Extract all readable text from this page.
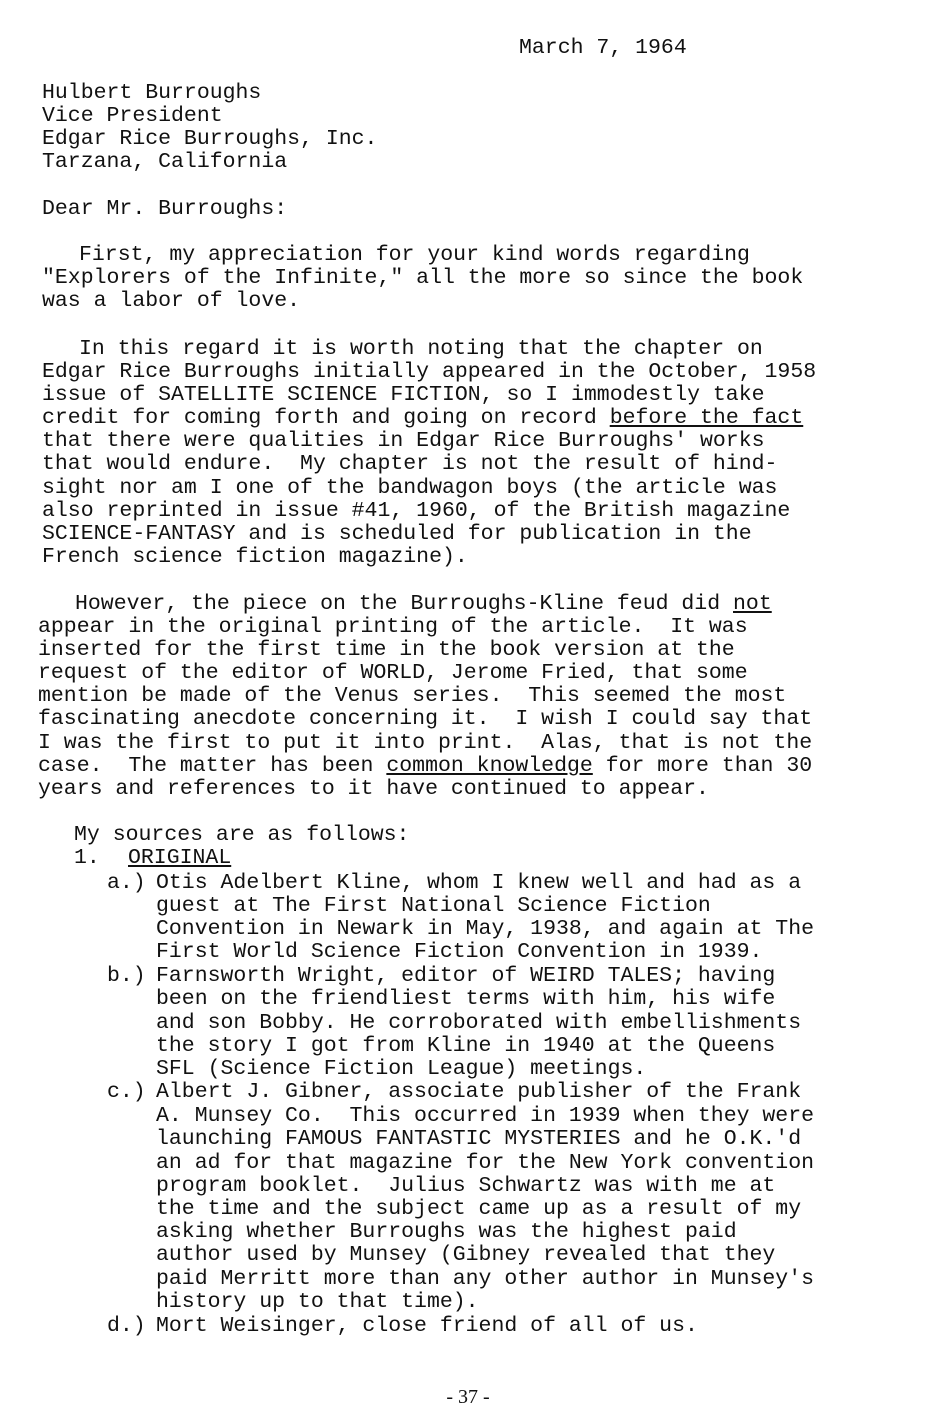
March 7, 1964
Hulbert Burroughs
Vice President
Edgar Rice Burroughs, Inc.
Tarzana, California
Dear Mr. Burroughs:
First, my appreciation for your kind words regarding
"Explorers of the Infinite," all the more so since the book
was a labor of love.
In this regard it is worth noting that the chapter on
Edgar Rice Burroughs initially appeared in the October, 1958
issue of SATELLITE SCIENCE FICTION, so I immodestly take
credit for coming forth and going on record before the fact
that there were qualities in Edgar Rice Burroughs' works
that would endure.  My chapter is not the result of hind-
sight nor am I one of the bandwagon boys (the article was
also reprinted in issue #41, 1960, of the British magazine
SCIENCE-FANTASY and is scheduled for publication in the
French science fiction magazine).
However, the piece on the Burroughs-Kline feud did not
appear in the original printing of the article.  It was
inserted for the first time in the book version at the
request of the editor of WORLD, Jerome Fried, that some
mention be made of the Venus series.  This seemed the most
fascinating anecdote concerning it.  I wish I could say that
I was the first to put it into print.  Alas, that is not the
case.  The matter has been common knowledge for more than 30
years and references to it have continued to appear.
My sources are as follows:
1. ORIGINAL
a.) Otis Adelbert Kline, whom I knew well and had as a
guest at The First National Science Fiction
Convention in Newark in May, 1938, and again at The
First World Science Fiction Convention in 1939.
b.) Farnsworth Wright, editor of WEIRD TALES; having
been on the friendliest terms with him, his wife
and son Bobby. He corroborated with embellishments
the story I got from Kline in 1940 at the Queens
SFL (Science Fiction League) meetings.
c.) Albert J. Gibner, associate publisher of the Frank
A. Munsey Co.  This occurred in 1939 when they were
launching FAMOUS FANTASTIC MYSTERIES and he O.K.'d
an ad for that magazine for the New York convention
program booklet.  Julius Schwartz was with me at
the time and the subject came up as a result of my
asking whether Burroughs was the highest paid
author used by Munsey (Gibney revealed that they
paid Merritt more than any other author in Munsey's
history up to that time).
d.) Mort Weisinger, close friend of all of us.
- 37 -
